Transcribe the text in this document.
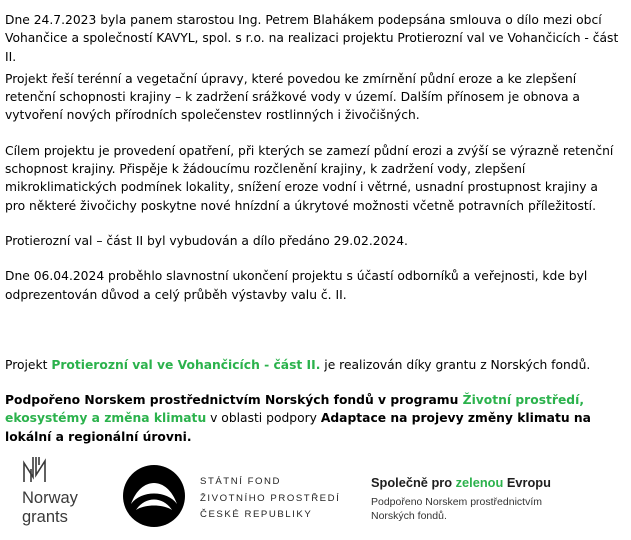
Dne 24.7.2023 byla panem starostou Ing. Petrem Blahákem podepsána smlouva o dílo mezi obcí Vohančice a společností KAVYL, spol. s r.o. na realizaci projektu Protierozní val ve Vohančicích - část II.

Projekt řeší terénní a vegetační úpravy, které povedou ke zmírnění půdní eroze a ke zlepšení retenční schopnosti krajiny – k zadržení srážkové vody v území. Dalším přínosem je obnova a vytvoření nových přírodních společenstev rostlinných i živočišných.

Cílem projektu je provedení opatření, při kterých se zamezí půdní erozi a zvýší se výrazně retenční schopnost krajiny. Přispěje k žádoucímu rozčlenění krajiny, k zadržení vody, zlepšení mikroklimatických podmínek lokality, snížení eroze vodní i větrné, usnadní prostupnost krajiny a pro některé živočichy poskytne nové hnízdní a úkrytové možnosti včetně potravních příležitostí.

Protierozní val – část II byl vybudován a dílo předáno 29.02.2024.

Dne 06.04.2024 proběhlo slavnostní ukončení projektu s účastí odborníků a veřejnosti, kde byl odprezentován důvod a celý průběh výstavby valu č. II.

Projekt Protierozní val ve Vohančicích - část II. je realizován díky grantu z Norských fondů.

Podpořeno Norskem prostřednictvím Norských fondů v programu Životní prostředí, ekosystémy a změna klimatu v oblasti podpory Adaptace na projevy změny klimatu na lokální a regionální úrovni.

Norway
grants
STÁTNÍ FOND
ŽIVOTNÍHO PROSTŘEDÍ
ČESKÉ REPUBLIKY
Společně pro zelenou Evropu
Podpořeno Norskem prostřednictvím
Norských fondů.
